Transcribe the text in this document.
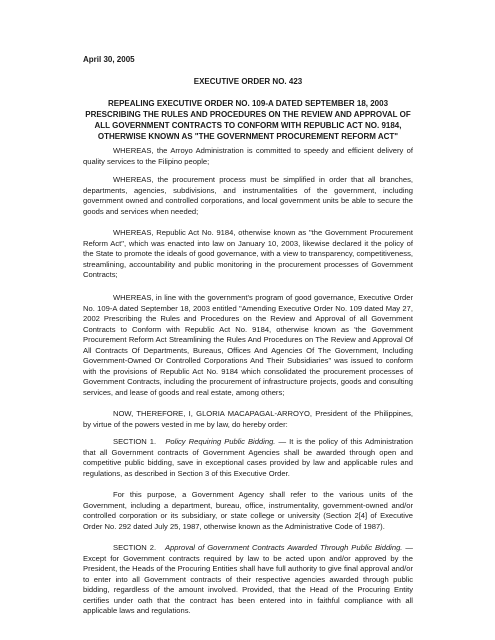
April 30, 2005
EXECUTIVE ORDER NO. 423
REPEALING EXECUTIVE ORDER NO. 109-A DATED SEPTEMBER 18, 2003 PRESCRIBING THE RULES AND PROCEDURES ON THE REVIEW AND APPROVAL OF ALL GOVERNMENT CONTRACTS TO CONFORM WITH REPUBLIC ACT NO. 9184, OTHERWISE KNOWN AS "THE GOVERNMENT PROCUREMENT REFORM ACT"

WHEREAS, the Arroyo Administration is committed to speedy and efficient delivery of quality services to the Filipino people;

WHEREAS, the procurement process must be simplified in order that all branches, departments, agencies, subdivisions, and instrumentalities of the government, including government owned and controlled corporations, and local government units be able to secure the goods and services when needed;

WHEREAS, Republic Act No. 9184, otherwise known as "the Government Procurement Reform Act", which was enacted into law on January 10, 2003, likewise declared it the policy of the State to promote the ideals of good governance, with a view to transparency, competitiveness, streamlining, accountability and public monitoring in the procurement processes of Government Contracts;

WHEREAS, in line with the government's program of good governance, Executive Order No. 109-A dated September 18, 2003 entitled "Amending Executive Order No. 109 dated May 27, 2002 Prescribing the Rules and Procedures on the Review and Approval of all Government Contracts to Conform with Republic Act No. 9184, otherwise known as 'the Government Procurement Reform Act Streamlining the Rules And Procedures on The Review and Approval Of All Contracts Of Departments, Bureaus, Offices And Agencies Of The Government, Including Government-Owned Or Controlled Corporations And Their Subsidiaries" was issued to conform with the provisions of Republic Act No. 9184 which consolidated the procurement processes of Government Contracts, including the procurement of infrastructure projects, goods and consulting services, and lease of goods and real estate, among others;

NOW, THEREFORE, I, GLORIA MACAPAGAL-ARROYO, President of the Philippines, by virtue of the powers vested in me by law, do hereby order:

SECTION 1. Policy Requiring Public Bidding. — It is the policy of this Administration that all Government contracts of Government Agencies shall be awarded through open and competitive public bidding, save in exceptional cases provided by law and applicable rules and regulations, as described in Section 3 of this Executive Order.

For this purpose, a Government Agency shall refer to the various units of the Government, including a department, bureau, office, instrumentality, government-owned and/or controlled corporation or its subsidiary, or state college or university (Section 2[4] of Executive Order No. 292 dated July 25, 1987, otherwise known as the Administrative Code of 1987).

SECTION 2. Approval of Government Contracts Awarded Through Public Bidding. — Except for Government contracts required by law to be acted upon and/or approved by the President, the Heads of the Procuring Entities shall have full authority to give final approval and/or to enter into all Government contracts of their respective agencies awarded through public bidding, regardless of the amount involved. Provided, that the Head of the Procuring Entity certifies under oath that the contract has been entered into in faithful compliance with all applicable laws and regulations.
